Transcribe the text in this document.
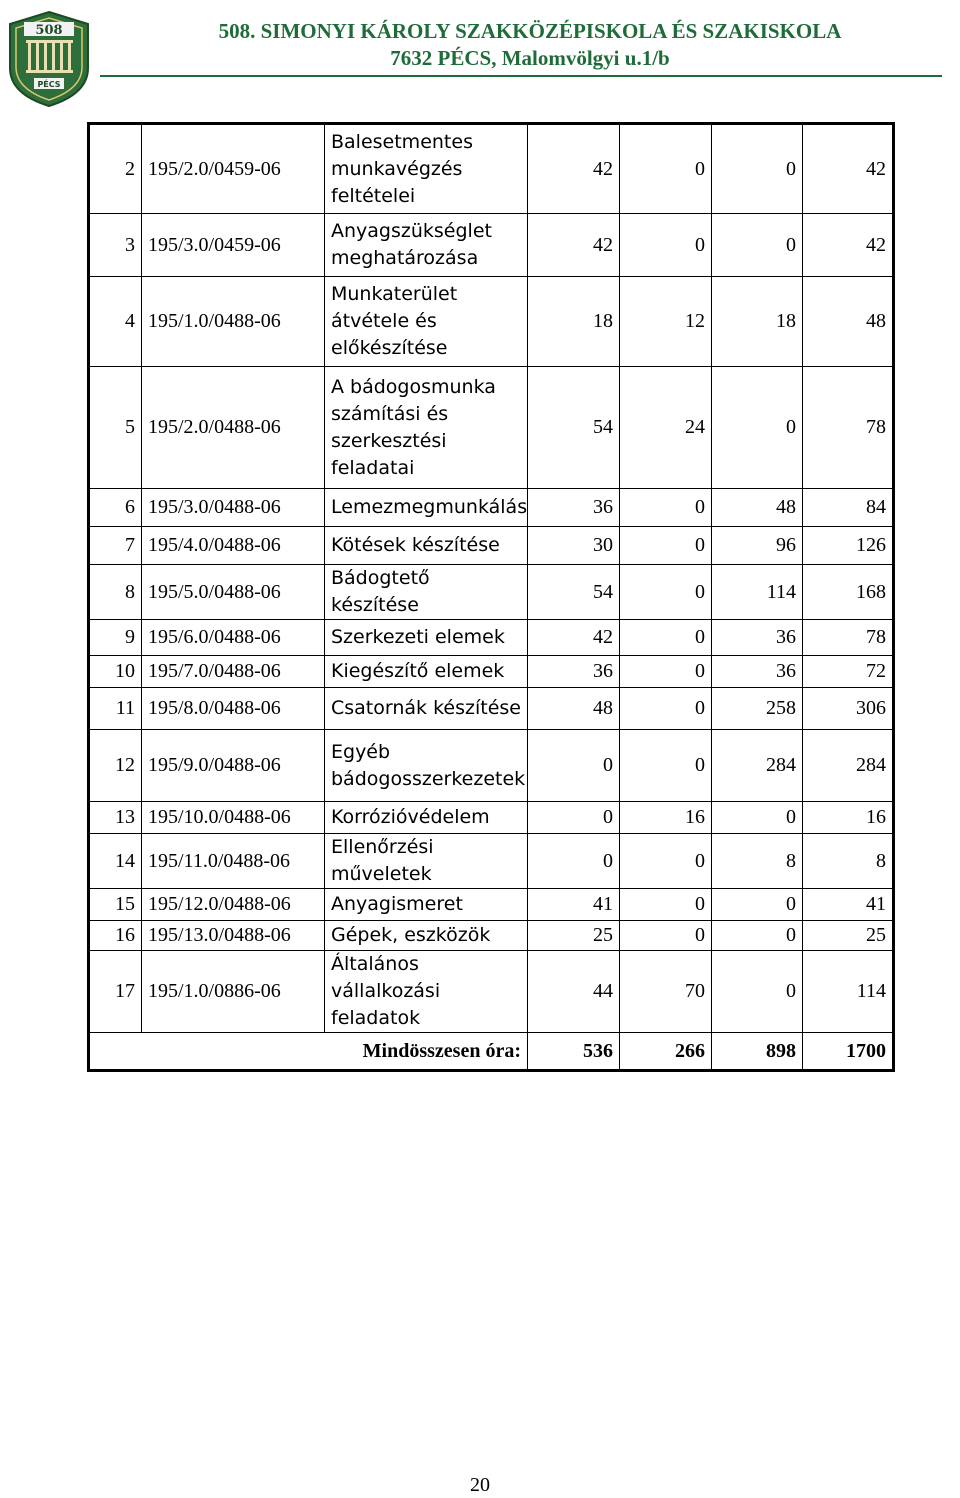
508
PÉCS
508. SIMONYI KÁROLY SZAKKÖZÉPISKOLA ÉS SZAKISKOLA
7632 PÉCS, Malomvölgyi u.1/b
2	195/2.0/0459-06	Balesetmentes munkavégzés feltételei	42	0	0	42
3	195/3.0/0459-06	Anyagszükséglet meghatározása	42	0	0	42
4	195/1.0/0488-06	Munkaterület átvétele és előkészítése	18	12	18	48
5	195/2.0/0488-06	A bádogosmunka számítási és szerkesztési feladatai	54	24	0	78
6	195/3.0/0488-06	Lemezmegmunkálás	36	0	48	84
7	195/4.0/0488-06	Kötések készítése	30	0	96	126
8	195/5.0/0488-06	Bádogtető készítése	54	0	114	168
9	195/6.0/0488-06	Szerkezeti elemek	42	0	36	78
10	195/7.0/0488-06	Kiegészítő elemek	36	0	36	72
11	195/8.0/0488-06	Csatornák készítése	48	0	258	306
12	195/9.0/0488-06	Egyéb bádogosszerkezetek	0	0	284	284
13	195/10.0/0488-06	Korrózióvédelem	0	16	0	16
14	195/11.0/0488-06	Ellenőrzési műveletek	0	0	8	8
15	195/12.0/0488-06	Anyagismeret	41	0	0	41
16	195/13.0/0488-06	Gépek, eszközök	25	0	0	25
17	195/1.0/0886-06	Általános vállalkozási feladatok	44	70	0	114
Mindösszesen óra:			536	266	898	1700
20
